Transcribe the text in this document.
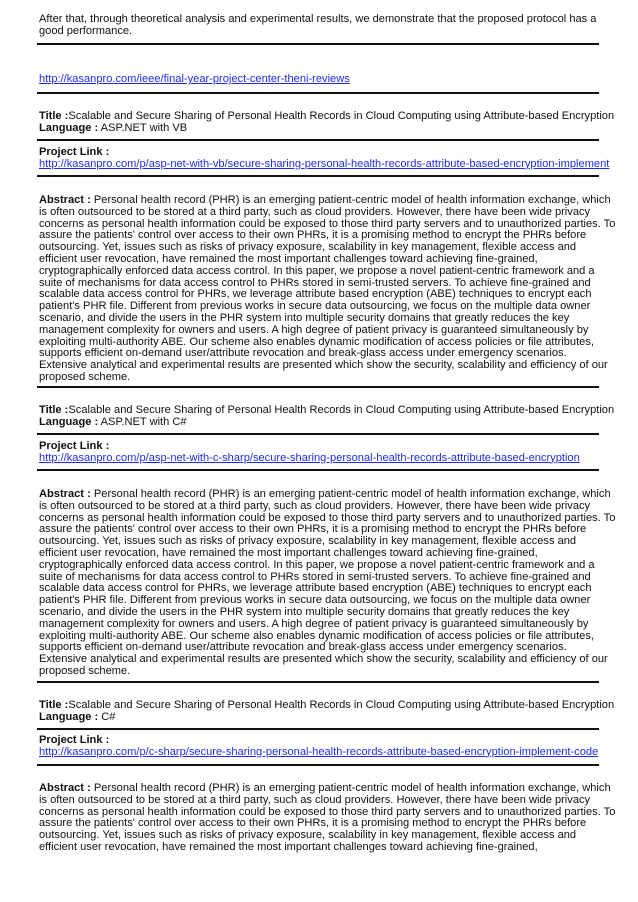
After that, through theoretical analysis and experimental results, we demonstrate that the proposed protocol has a

good performance.

http://kasanpro.com/ieee/final-year-project-center-theni-reviews

Title :Scalable and Secure Sharing of Personal Health Records in Cloud Computing using Attribute-based Encryption

Language : ASP.NET with VB

Project Link :

http://kasanpro.com/p/asp-net-with-vb/secure-sharing-personal-health-records-attribute-based-encryption-implement

Abstract : Personal health record (PHR) is an emerging patient-centric model of health information exchange, which

is often outsourced to be stored at a third party, such as cloud providers. However, there have been wide privacy

concerns as personal health information could be exposed to those third party servers and to unauthorized parties. To

assure the patients' control over access to their own PHRs, it is a promising method to encrypt the PHRs before

outsourcing. Yet, issues such as risks of privacy exposure, scalability in key management, flexible access and

efficient user revocation, have remained the most important challenges toward achieving fine-grained,

cryptographically enforced data access control. In this paper, we propose a novel patient-centric framework and a

suite of mechanisms for data access control to PHRs stored in semi-trusted servers. To achieve fine-grained and

scalable data access control for PHRs, we leverage attribute based encryption (ABE) techniques to encrypt each

patient's PHR file. Different from previous works in secure data outsourcing, we focus on the multiple data owner

scenario, and divide the users in the PHR system into multiple security domains that greatly reduces the key

management complexity for owners and users. A high degree of patient privacy is guaranteed simultaneously by

exploiting multi-authority ABE. Our scheme also enables dynamic modification of access policies or file attributes,

supports efficient on-demand user/attribute revocation and break-glass access under emergency scenarios.

Extensive analytical and experimental results are presented which show the security, scalability and efficiency of our

proposed scheme.

Title :Scalable and Secure Sharing of Personal Health Records in Cloud Computing using Attribute-based Encryption

Language : ASP.NET with C#

Project Link :

http://kasanpro.com/p/asp-net-with-c-sharp/secure-sharing-personal-health-records-attribute-based-encryption

Abstract : Personal health record (PHR) is an emerging patient-centric model of health information exchange, which

is often outsourced to be stored at a third party, such as cloud providers. However, there have been wide privacy

concerns as personal health information could be exposed to those third party servers and to unauthorized parties. To

assure the patients' control over access to their own PHRs, it is a promising method to encrypt the PHRs before

outsourcing. Yet, issues such as risks of privacy exposure, scalability in key management, flexible access and

efficient user revocation, have remained the most important challenges toward achieving fine-grained,

cryptographically enforced data access control. In this paper, we propose a novel patient-centric framework and a

suite of mechanisms for data access control to PHRs stored in semi-trusted servers. To achieve fine-grained and

scalable data access control for PHRs, we leverage attribute based encryption (ABE) techniques to encrypt each

patient's PHR file. Different from previous works in secure data outsourcing, we focus on the multiple data owner

scenario, and divide the users in the PHR system into multiple security domains that greatly reduces the key

management complexity for owners and users. A high degree of patient privacy is guaranteed simultaneously by

exploiting multi-authority ABE. Our scheme also enables dynamic modification of access policies or file attributes,

supports efficient on-demand user/attribute revocation and break-glass access under emergency scenarios.

Extensive analytical and experimental results are presented which show the security, scalability and efficiency of our

proposed scheme.

Title :Scalable and Secure Sharing of Personal Health Records in Cloud Computing using Attribute-based Encryption

Language : C#

Project Link :

http://kasanpro.com/p/c-sharp/secure-sharing-personal-health-records-attribute-based-encryption-implement-code

Abstract : Personal health record (PHR) is an emerging patient-centric model of health information exchange, which

is often outsourced to be stored at a third party, such as cloud providers. However, there have been wide privacy

concerns as personal health information could be exposed to those third party servers and to unauthorized parties. To

assure the patients' control over access to their own PHRs, it is a promising method to encrypt the PHRs before

outsourcing. Yet, issues such as risks of privacy exposure, scalability in key management, flexible access and

efficient user revocation, have remained the most important challenges toward achieving fine-grained,
